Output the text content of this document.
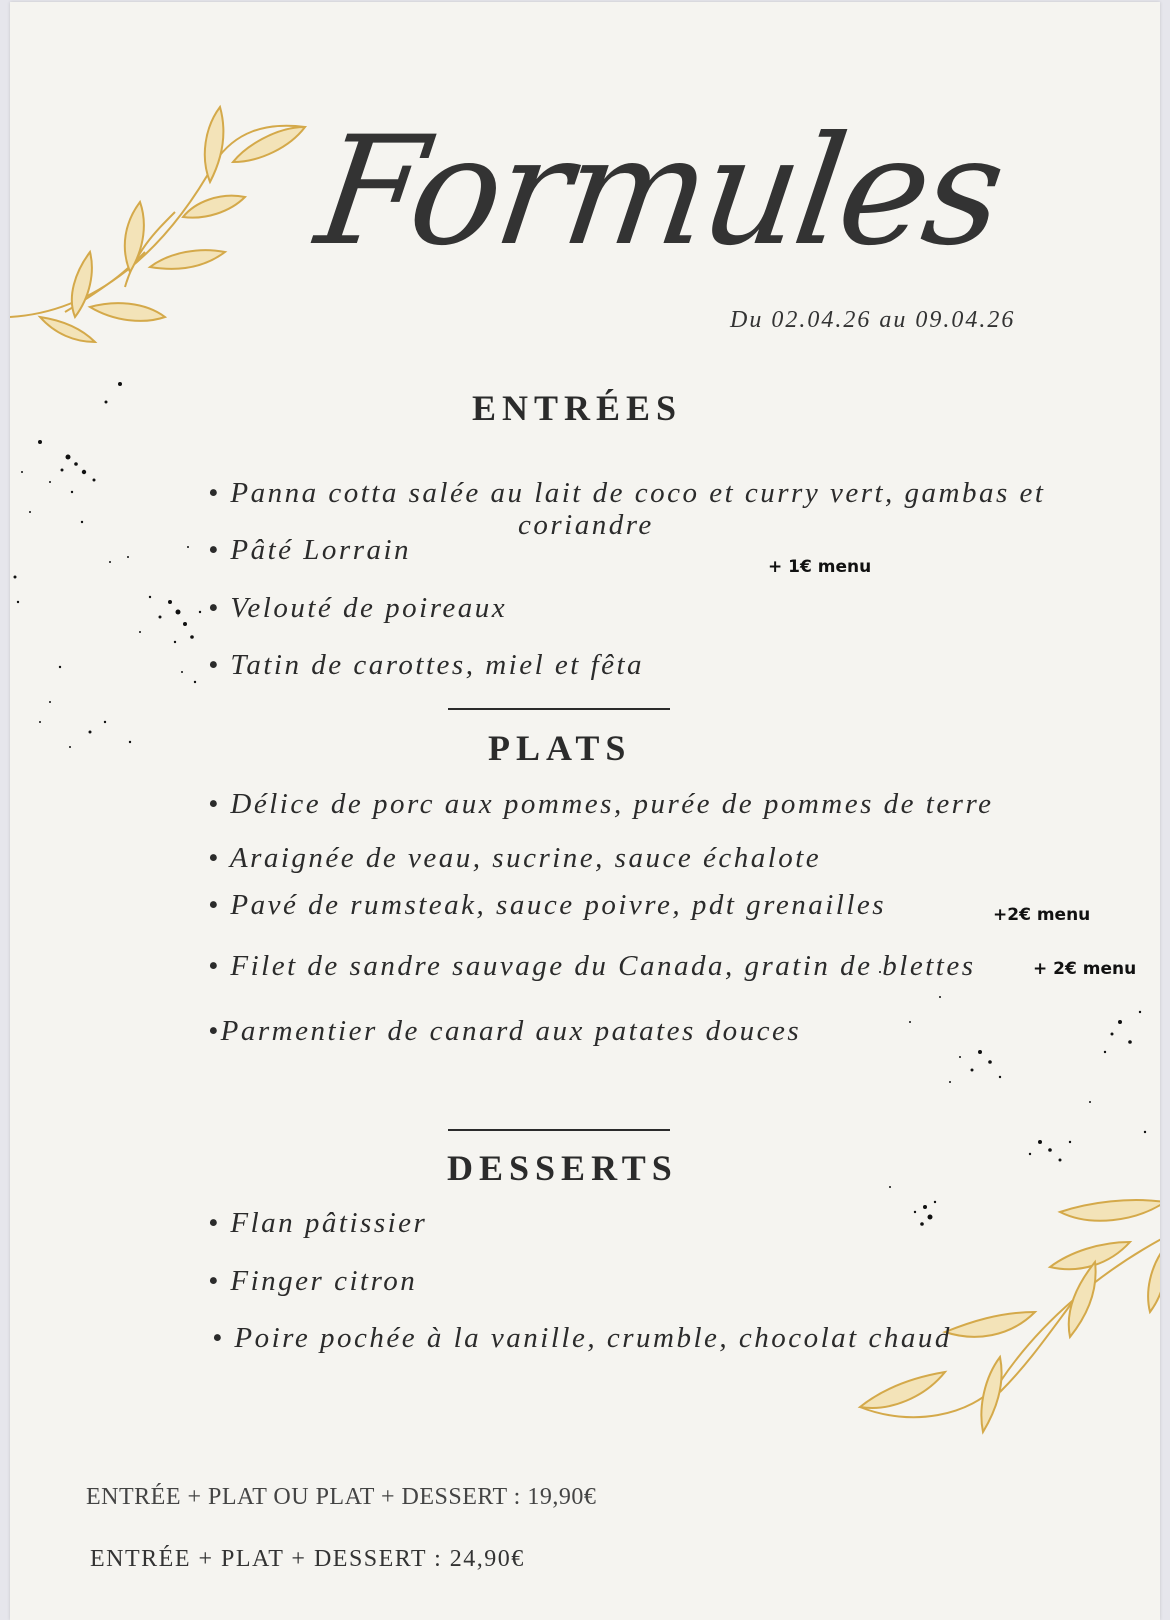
Formules
Du 02.04.26 au 09.04.26
ENTRÉES
• Panna cotta salée au lait de coco et curry vert, gambas et
coriandre
• Pâté Lorrain
+ 1€ menu
• Velouté de poireaux
• Tatin de carottes, miel et fêta
PLATS
• Délice de porc aux pommes, purée de pommes de terre
• Araignée de veau, sucrine, sauce échalote
• Pavé de rumsteak, sauce poivre, pdt grenailles	+2€ menu
• Filet de sandre sauvage du Canada, gratin de blettes	+ 2€ menu
•Parmentier de canard aux patates douces
DESSERTS
• Flan pâtissier
• Finger citron
• Poire pochée à la vanille, crumble, chocolat chaud
ENTRÉE + PLAT OU PLAT + DESSERT : 19,90€
ENTRÉE + PLAT + DESSERT : 24,90€
